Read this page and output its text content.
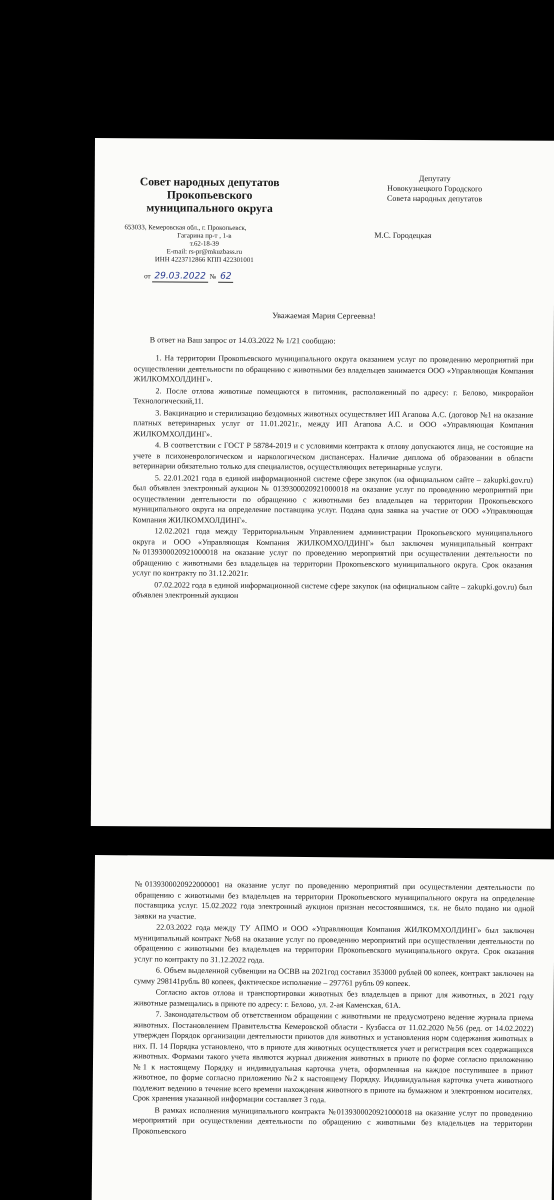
Совет народных депутатов
Прокопьевского
муниципального округа
653033, Кемеровская обл., г. Прокопьевск,
Гагарина пр-т , 1-в
т.62-18-39
E-mail: rs-pr@mkuzbass.ru
ИНН 4223712866 КПП 422301001
от 29.03.2022 № 62
Депутату
Новокузнецкого Городского
Совета народных депутатов
М.С. Городецкая
Уважаемая Мария Сергеевна!
В ответ на Ваш запрос от 14.03.2022 № 1/21 сообщаю:

1. На территории Прокопьевского муниципального округа оказанием услуг по проведению мероприятий при осуществлении деятельности по обращению с животными без владельцев занимается ООО «Управляющая Компания ЖИЛКОМХОЛДИНГ».

2. После отлова животные помещаются в питомник, расположенный по адресу: г. Белово, микрорайон Технологический,11.

3. Вакцинацию и стерилизацию бездомных животных осуществляет ИП Агапова А.С. (договор №1 на оказание платных ветеринарных услуг от 11.01.2021г., между ИП Агапова А.С. и ООО «Управляющая Компания ЖИЛКОМХОЛДИНГ».

4. В соответствии с ГОСТ Р 58784-2019 и с условиями контракта к отлову допускаются лица, не состоящие на учете в психоневрологическом и наркологическом диспансерах. Наличие диплома об образовании в области ветеринарии обязательно только для специалистов, осуществляющих ветеринарные услуги.

5. 22.01.2021 года в единой информационной системе сфере закупок (на официальном сайте – zakupki.gov.ru) был объявлен электронный аукцион № 0139300020921000018 на оказание услуг по проведению мероприятий при осуществлении деятельности по обращению с животными без владельцев на территории Прокопьевского муниципального округа на определение поставщика услуг. Подана одна заявка на участие от ООО «Управляющая Компания ЖИЛКОМХОЛДИНГ».

12.02.2021 года между Территориальным Управлением администрации Прокопьевского муниципального округа и ООО «Управляющая Компания ЖИЛКОМХОЛДИНГ» был заключен муниципальный контракт №0139300020921000018 на оказание услуг по проведению мероприятий при осуществлении деятельности по обращению с животными без владельцев на территории Прокопьевского муниципального округа. Срок оказания услуг по контракту по 31.12.2021г.

07.02.2022 года в единой информационной системе сфере закупок (на официальном сайте – zakupki.gov.ru) был объявлен электронный аукцион

№0139300020922000001 на оказание услуг по проведению мероприятий при осуществлении деятельности по обращению с животными без владельцев на территории Прокопьевского муниципального округа на определение поставщика услуг. 15.02.2022 года электронный аукцион признан несостоявшимся, т.к. не было подано ни одной заявки на участие.

22.03.2022 года между ТУ АПМО и ООО «Управляющая Компания ЖИЛКОМХОЛДИНГ» был заключен муниципальный контракт №68 на оказание услуг по проведению мероприятий при осуществлении деятельности по обращению с животными без владельцев на территории Прокопьевского муниципального округа. Срок оказания услуг по контракту по 31.12.2022 года.

6. Объем выделенной субвенции на ОСВВ на 2021год составил 353000 рублей 00 копеек, контракт заключен на сумму 298141рубль 80 копеек, фактическое исполнение – 297761 рубль 09 копеек.

Согласно актов отлова и транспортировки животных без владельцев в приют для животных, в 2021 году животные размещались в приюте по адресу: г. Белово, ул. 2-ая Каменская, 61А.

7. Законодательством об ответственном обращении с животными не предусмотрено ведение журнала приема животных. Постановлением Правительства Кемеровской области - Кузбасса от 11.02.2020 №56 (ред. от 14.02.2022) утвержден Порядок организации деятельности приютов для животных и установления норм содержания животных в них. П. 14 Порядка установлено, что в приюте для животных осуществляется учет и регистрация всех содержащихся животных. Формами такого учета являются журнал движения животных в приюте по форме согласно приложению №1 к настоящему Порядку и индивидуальная карточка учета, оформленная на каждое поступившее в приют животное, по форме согласно приложению №2 к настоящему Порядку. Индивидуальная карточка учета животного подлежит ведению в течение всего времени нахождения животного в приюте на бумажном и электронном носителях. Срок хранения указанной информации составляет 3 года.

В рамках исполнения муниципального контракта №0139300020921000018 на оказание услуг по проведению мероприятий при осуществлении деятельности по обращению с животными без владельцев на территории Прокопьевского
